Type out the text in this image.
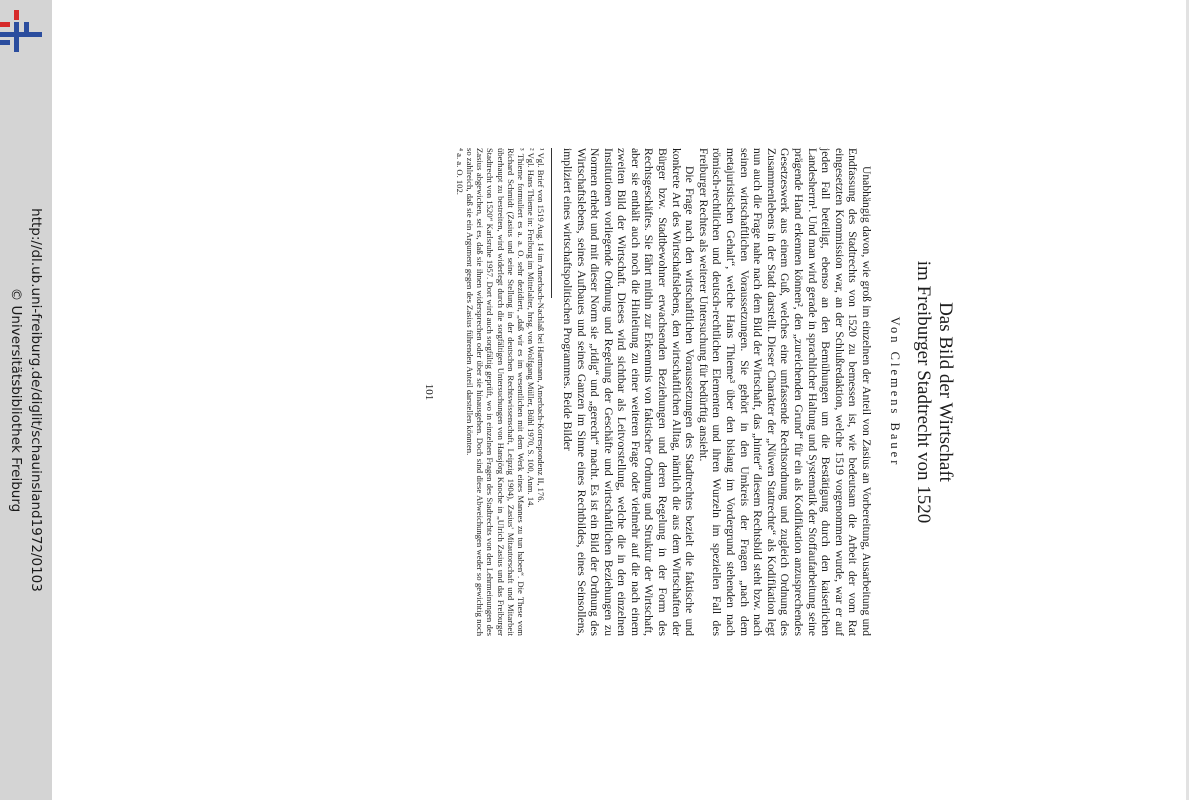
http://dl.ub.uni-freiburg.de/diglit/schauinsland1972/0103
© Universitätsbibliothek Freiburg	Das Bild der Wirtschaft
im Freiburger Stadtrecht von 1520
Von Clemens Bauer

Unabhängig davon, wie groß im einzelnen der Anteil von Zasius an Vorbereitung, Ausarbeitung und Endfassung des Stadtrechts von 1520 zu bemessen ist, wie bedeutsam die Arbeit der vom Rat eingesetzten Kommission war, an der Schlußredaktion, welche 1519 vorgenommen wurde, war er auf jeden Fall beteiligt, ebenso an den Bemühungen um die Bestätigung durch den kaiserlichen Landesherrn¹. Und man wird gerade in sprachlicher Haltung und Systematik der Stoffaufarbeitung seine prägende Hand erkennen können², den „zureichenden Grund“ für ein als Kodifikation anzusprechendes Gesetzeswerk aus einem Guß, welches eine umfassende Rechtsordnung und zugleich Ordnung des Zusammenlebens in der Stadt darstellt. Dieser Charakter der „Nüwen Stattrechte“ als Kodifikation legt nun auch die Frage nahe nach dem Bild der Wirtschaft, das „hinter“ diesem Rechtsbild steht bzw. nach seinen wirtschaftlichen Voraussetzungen. Sie gehört in den Umkreis der Fragen „nach dem metajuristischen Gehalt“, welche Hans Thieme³ über den bislang im Vordergrund stehenden nach römisch-rechtlichen und deutsch-rechtlichen Elementen und ihren Wurzeln im speziellen Fall des Freiburger Rechtes als weiterer Untersuchung für bedürftig ansieht.

Die Frage nach den wirtschaftlichen Voraussetzungen des Stadtrechtes bezielt die faktische und konkrete Art des Wirtschaftslebens, den wirtschaftlichen Alltag, nämlich die aus dem Wirtschaften der Bürger bzw. Stadtbewohner erwachsenden Beziehungen und deren Regelung in der Form des Rechtsgeschäftes. Sie fährt mithin zur Erkenntnis von faktischer Ordnung und Struktur der Wirtschaft, aber sie enthält auch noch die Hinleitung zu einer weiteren Frage oder vielmehr auf die nach einem zweiten Bild der Wirtschaft. Dieses wird sichtbar als Leitvorstellung, welche die in den einzelnen Institutionen vorliegende Ordnung und Regelung der Geschäfte und wirtschaftlichen Beziehungen zu Normen erhebt und mit dieser Norm sie „ridig“ und „gerecht“ macht. Es ist ein Bild der Ordnung des Wirtschaftslebens, seines Aufbaues und seines Ganzen im Sinne eines Rechtbildes, eines Seinsollens, impliziert eines wirtschaftspolitischen Programmes. Beide Bilder

¹ Vgl. Brief von 1519 Aug. 14 im Amerbach-Nachlaß bei Hartmann, Amerbach-Korrespondenz II, 176.

² Vgl. Hans Thieme in: Freiburg im Mittelalter, hrsg. von Wolfgang Müller, Bühl 1970, S. 100, Anm. 14.

³ Thieme formuliert es a. a. O. sehr dezidiert, „daß wir es im wesentlichen mit dem Werk eines Mannes zu tun haben“. Die These vom Richard Schmidt (Zasius und seine Stellung in der deutschen Rechtswissenschaft, Leipzig 1904), Zasius' Mitautorschaft und Mitarbeit überhaupt zu bestreiten, wird widerlegt durch die sorgfältigen Untersuchungen von Hansjörg Knoche in „Ulrich Zasius und das Freiburger Stadtrecht von 1520“ Karlsruhe 1957. Dort wird auch sorgfältig geprüft, wo in einzelnen Fragen des Stadtrechts von den Lehrmeinungen des Zasius abgewichen, sei es, daß sie ihnen widersprechen oder über sie hinausgehen. Doch sind diese Abweichungen weder so gewichtig noch so zahlreich, daß sie ein Argument gegen des Zasius führenden Anteil darstellen könnten.

⁴ a. a. O. 102.

101
